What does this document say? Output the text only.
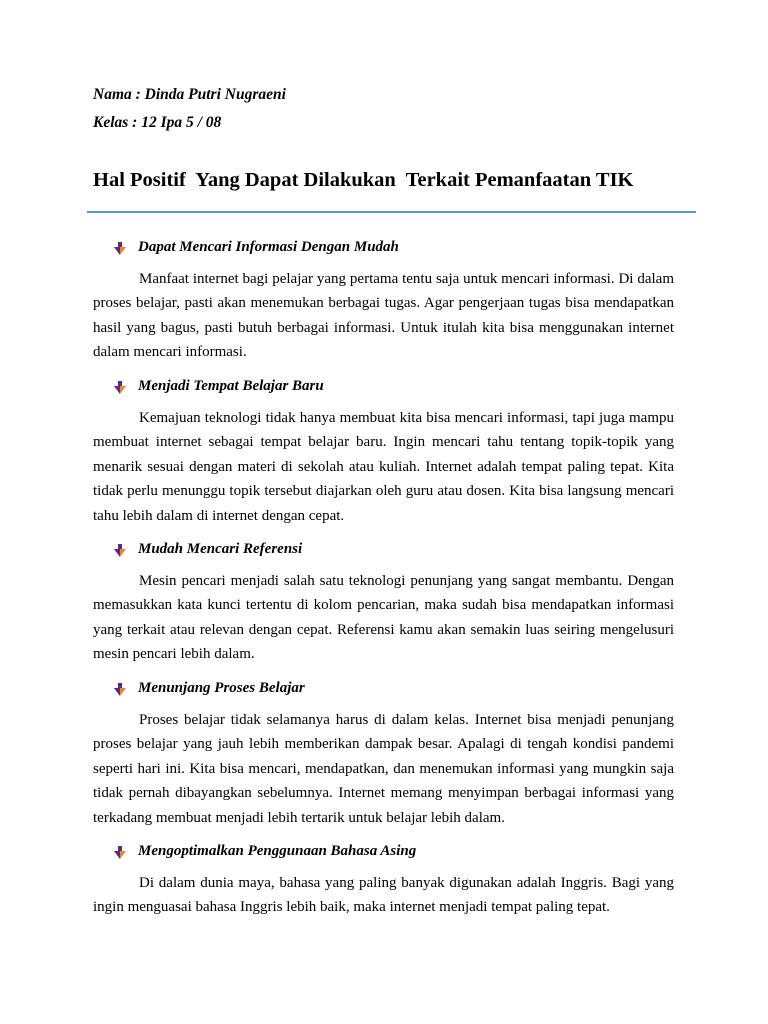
Nama : Dinda Putri Nugraeni
Kelas : 12 Ipa 5 / 08
Hal Positif  Yang Dapat Dilakukan  Terkait Pemanfaatan TIK
Dapat Mencari Informasi Dengan Mudah

Manfaat internet bagi pelajar yang pertama tentu saja untuk mencari informasi. Di dalam proses belajar, pasti akan menemukan berbagai tugas. Agar pengerjaan tugas bisa mendapatkan hasil yang bagus, pasti butuh berbagai informasi. Untuk itulah kita bisa menggunakan internet dalam mencari informasi.

Menjadi Tempat Belajar Baru

Kemajuan teknologi tidak hanya membuat kita bisa mencari informasi, tapi juga mampu membuat internet sebagai tempat belajar baru. Ingin mencari tahu tentang topik-topik yang menarik sesuai dengan materi di sekolah atau kuliah. Internet adalah tempat paling tepat. Kita tidak perlu menunggu topik tersebut diajarkan oleh guru atau dosen. Kita bisa langsung mencari tahu lebih dalam di internet dengan cepat.

Mudah Mencari Referensi

Mesin pencari menjadi salah satu teknologi penunjang yang sangat membantu. Dengan memasukkan kata kunci tertentu di kolom pencarian, maka sudah bisa mendapatkan informasi yang terkait atau relevan dengan cepat. Referensi kamu akan semakin luas seiring mengelusuri mesin pencari lebih dalam.

Menunjang Proses Belajar

Proses belajar tidak selamanya harus di dalam kelas. Internet bisa menjadi penunjang proses belajar yang jauh lebih memberikan dampak besar. Apalagi di tengah kondisi pandemi seperti hari ini. Kita bisa mencari, mendapatkan, dan menemukan informasi yang mungkin saja tidak pernah dibayangkan sebelumnya. Internet memang menyimpan berbagai informasi yang terkadang membuat menjadi lebih tertarik untuk belajar lebih dalam.

Mengoptimalkan Penggunaan Bahasa Asing

Di dalam dunia maya, bahasa yang paling banyak digunakan adalah Inggris. Bagi yang ingin menguasai bahasa Inggris lebih baik, maka internet menjadi tempat paling tepat.
